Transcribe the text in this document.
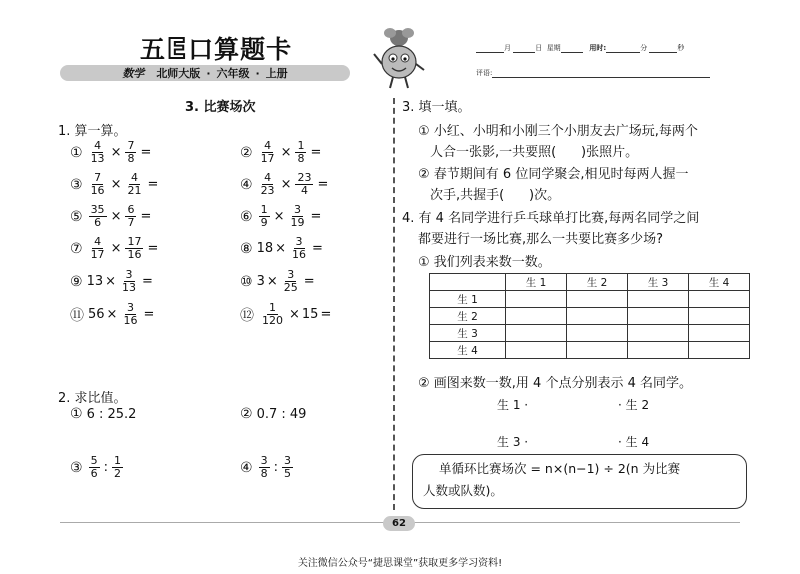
五E口算题卡
数学 北师大版 · 六年级 · 上册
月	日 星期	用时:	分	秒
评语:
62
关注微信公众号“捷思课堂”获取更多学习资料!
3. 比赛场次
1. 算一算。
① $\frac{4}{13} \times \frac{7}{8}$ =	② $\frac{4}{17} \times \frac{1}{8}$ =
③ $\frac{7}{16} \times \frac{4}{21}$ =	④ $\frac{4}{23} \times \frac{23}{4}$ =
⑤ $\frac{35}{6} \times \frac{6}{7}$ =	⑥ $\frac{1}{9} \times \frac{3}{19}$ =
⑦ $\frac{4}{17} \times \frac{17}{16}$ =	⑧ $18 \times \frac{3}{16}$ =
⑨ $13 \times \frac{3}{13}$ =	⑩ $3 \times \frac{3}{25}$ =
⑪ $56 \times \frac{3}{16}$ =	⑫ $\frac{1}{120} \times 15$ =
2. 求比值。
① 6 : 25.2	② 0.7 : 49
③ $\frac{5}{6}$ : $\frac{1}{2}$	④ $\frac{3}{8}$ : $\frac{3}{5}$
3. 填一填。
① 小红、小明和小刚三个小朋友去广场玩,每两个
人合一张影,一共要照(      )张照片。
② 春节期间有 6 位同学聚会,相见时每两人握一
次手,共握手(      )次。
4. 有 4 名同学进行乒乓球单打比赛,每两名同学之间
都要进行一场比赛,那么一共要比赛多少场?
① 我们列表来数一数。
	生 1	生 2	生 3	生 4
生 1				
生 2				
生 3				
生 4				
② 画图来数一数,用 4 个点分别表示 4 名同学。
生 1 ·	· 生 2
生 3 ·	· 生 4
单循环比赛场次 = n×(n−1) ÷ 2(n 为比赛
人数或队数)。
